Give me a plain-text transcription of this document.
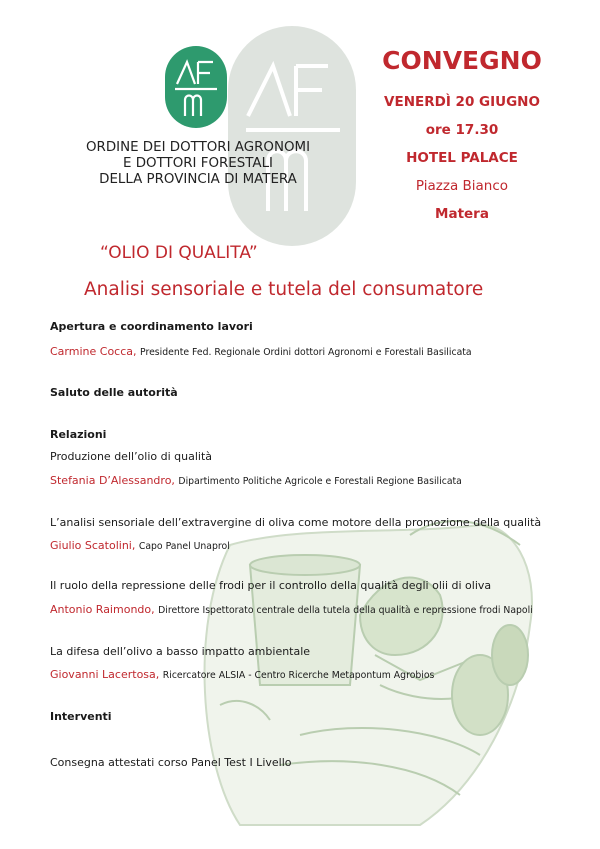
ORDINE DEI DOTTORI AGRONOMI
E DOTTORI FORESTALI
DELLA PROVINCIA DI MATERA
CONVEGNO
VENERDÌ 20 GIUGNO
ore 17.30
HOTEL PALACE
Piazza Bianco
Matera
“OLIO DI QUALITA”
Analisi sensoriale e tutela del consumatore
Apertura e coordinamento lavori
Carmine Cocca, Presidente Fed. Regionale Ordini dottori Agronomi e Forestali Basilicata
Saluto delle autorità
Relazioni
Produzione dell’olio di qualità
Stefania D’Alessandro, Dipartimento Politiche Agricole e Forestali Regione Basilicata
L’analisi sensoriale dell’extravergine di oliva come motore della promozione della qualità
Giulio Scatolini, Capo Panel Unaprol
Il ruolo della repressione delle frodi per il controllo della qualità degli olii di oliva
Antonio Raimondo, Direttore Ispettorato centrale della tutela della qualità e repressione frodi Napoli
La difesa dell’olivo a basso impatto ambientale
Giovanni Lacertosa, Ricercatore ALSIA - Centro Ricerche Metapontum Agrobios
Interventi
Consegna attestati corso Panel Test I Livello
